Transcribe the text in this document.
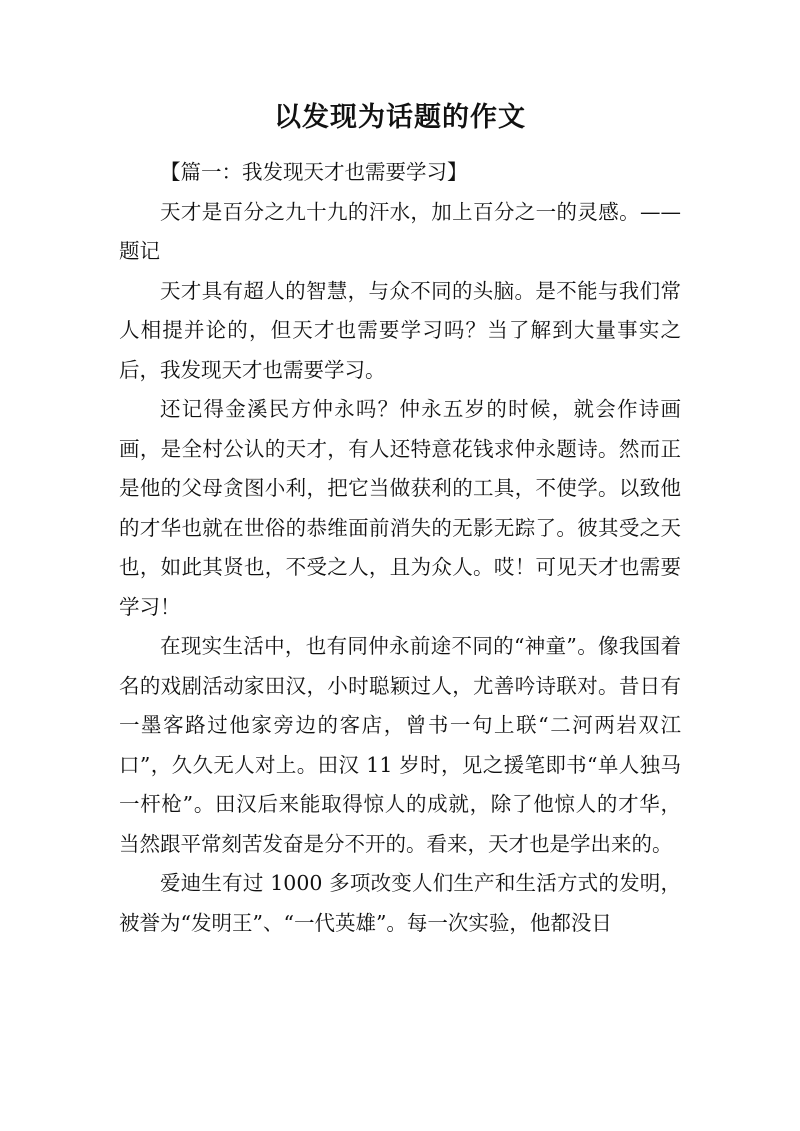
以发现为话题的作文

【篇一：我发现天才也需要学习】

天才是百分之九十九的汗水，加上百分之一的灵感。——题记

天才具有超人的智慧，与众不同的头脑。是不能与我们常人相提并论的，但天才也需要学习吗？当了解到大量事实之后，我发现天才也需要学习。

还记得金溪民方仲永吗？仲永五岁的时候，就会作诗画画，是全村公认的天才，有人还特意花钱求仲永题诗。然而正是他的父母贪图小利，把它当做获利的工具，不使学。以致他的才华也就在世俗的恭维面前消失的无影无踪了。彼其受之天也，如此其贤也，不受之人，且为众人。哎！可见天才也需要学习！

在现实生活中，也有同仲永前途不同的“神童”。像我国着名的戏剧活动家田汉，小时聪颖过人，尤善吟诗联对。昔日有一墨客路过他家旁边的客店，曾书一句上联“二河两岩双江口”，久久无人对上。田汉 11 岁时，见之援笔即书“单人独马一杆枪”。田汉后来能取得惊人的成就，除了他惊人的才华，当然跟平常刻苦发奋是分不开的。看来，天才也是学出来的。

爱迪生有过 1000 多项改变人们生产和生活方式的发明，被誉为“发明王”、“一代英雄”。每一次实验，他都没日
